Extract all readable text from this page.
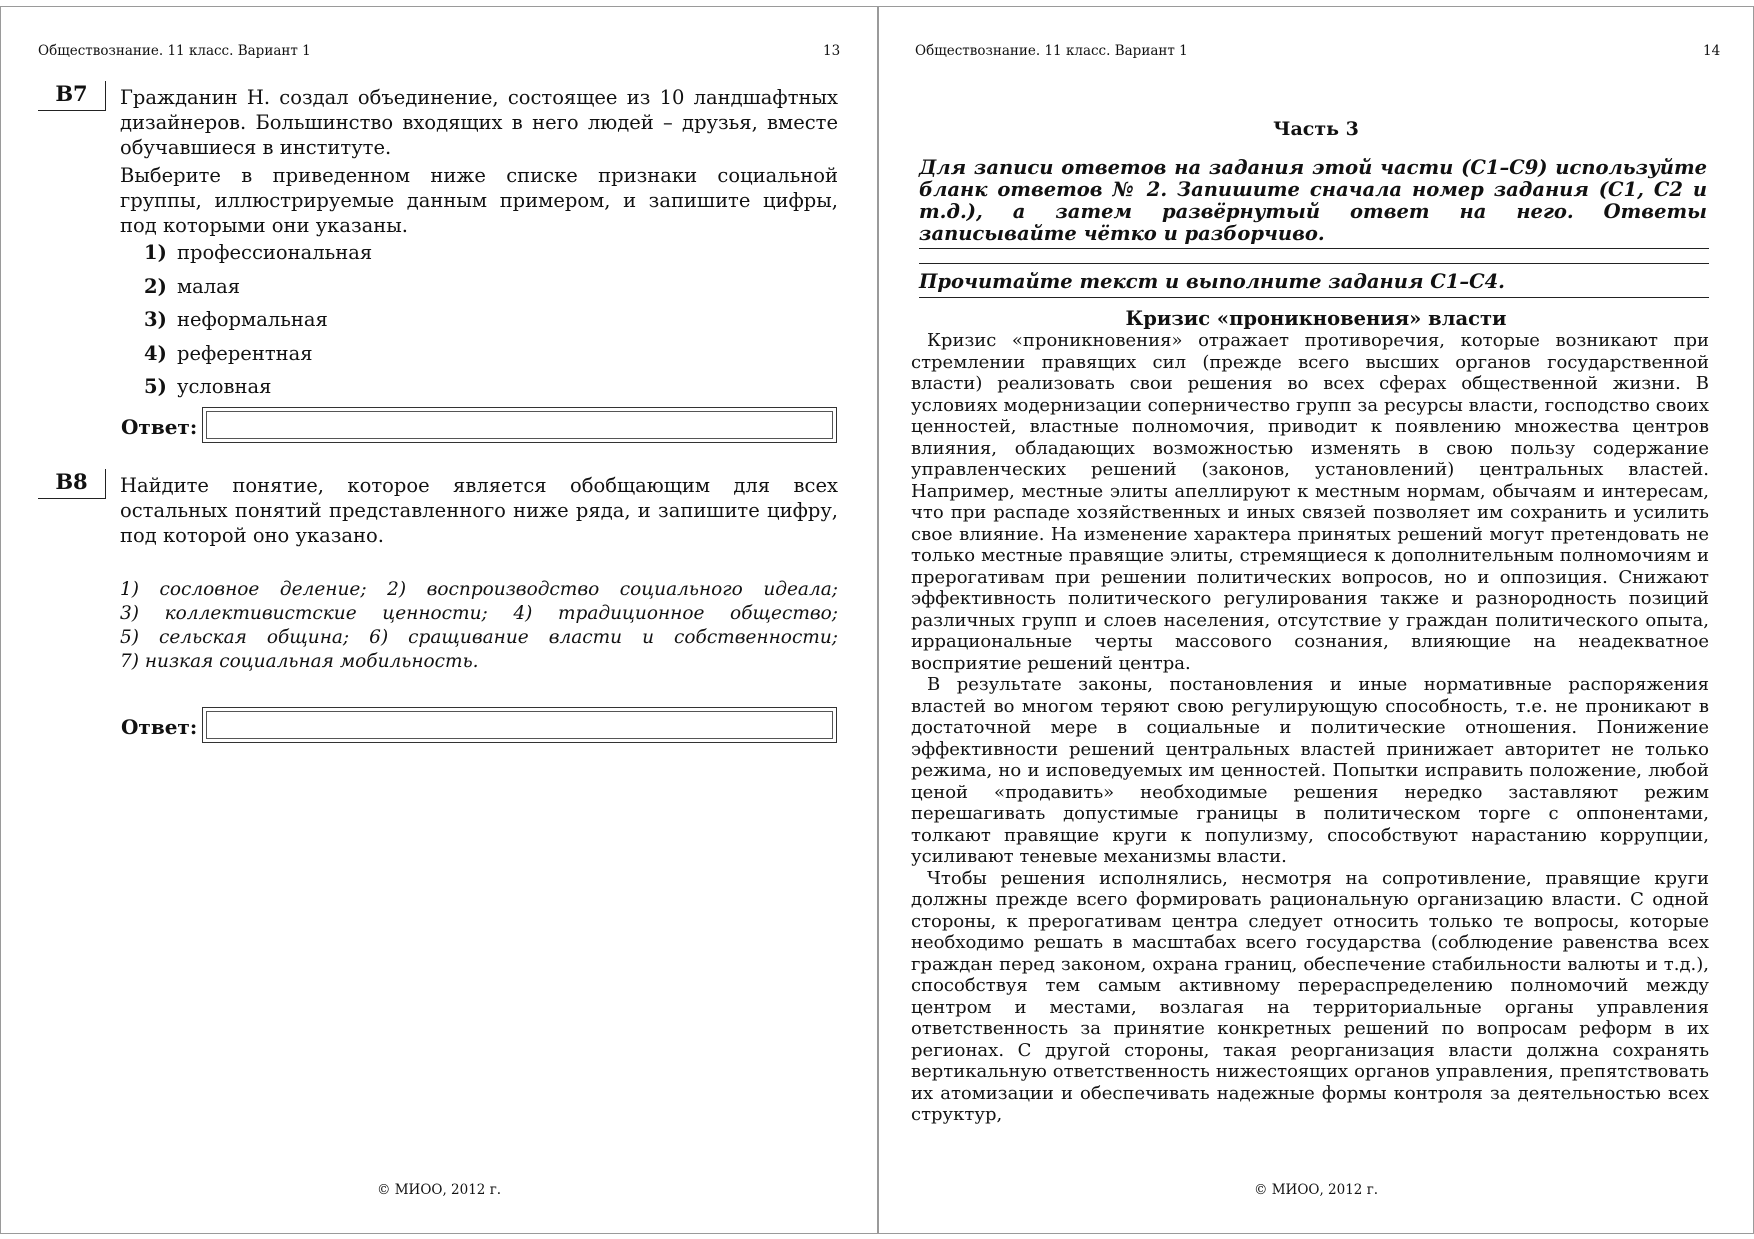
Обществознание. 11 класс. Вариант 1	13
B7	Гражданин Н. создал объединение, состоящее из 10 ландшафтных дизайнеров. Большинство входящих в него людей – друзья, вместе обучавшиеся в институте.

Выберите в приведенном ниже списке признаки социальной группы, иллюстрируемые данным примером, и запишите цифры, под которыми они указаны.

1) профессиональная
2) малая
3) неформальная
4) референтная
5) условная
Ответ:
B8	Найдите понятие, которое является обобщающим для всех остальных понятий представленного ниже ряда, и запишите цифру, под которой оно указано.
1) сословное деление; 2) воспроизводство социального идеала;
3) коллективистские ценности; 4) традиционное общество;
5) сельская община; 6) сращивание власти и собственности;
7) низкая социальная мобильность.
Ответ:
© МИОО, 2012 г.
Обществознание. 11 класс. Вариант 1	14
Часть 3
Для записи ответов на задания этой части (С1–С9) используйте бланк ответов № 2. Запишите сначала номер задания (С1, С2 и т.д.), а затем развёрнутый ответ на него. Ответы записывайте чётко и разборчиво.
Прочитайте текст и выполните задания С1–С4.
Кризис «проникновения» власти

Кризис «проникновения» отражает противоречия, которые возникают при стремлении правящих сил (прежде всего высших органов государственной власти) реализовать свои решения во всех сферах общественной жизни. В условиях модернизации соперничество групп за ресурсы власти, господство своих ценностей, властные полномочия, приводит к появлению множества центров влияния, обладающих возможностью изменять в свою пользу содержание управленческих решений (законов, установлений) центральных властей. Например, местные элиты апеллируют к местным нормам, обычаям и интересам, что при распаде хозяйственных и иных связей позволяет им сохранить и усилить свое влияние. На изменение характера принятых решений могут претендовать не только местные правящие элиты, стремящиеся к дополнительным полномочиям и прерогативам при решении политических вопросов, но и оппозиция. Снижают эффективность политического регулирования также и разнородность позиций различных групп и слоев населения, отсутствие у граждан политического опыта, иррациональные черты массового сознания, влияющие на неадекватное восприятие решений центра.

В результате законы, постановления и иные нормативные распоряжения властей во многом теряют свою регулирующую способность, т.е. не проникают в достаточной мере в социальные и политические отношения. Понижение эффективности решений центральных властей принижает авторитет не только режима, но и исповедуемых им ценностей. Попытки исправить положение, любой ценой «продавить» необходимые решения нередко заставляют режим перешагивать допустимые границы в политическом торге с оппонентами, толкают правящие круги к популизму, способствуют нарастанию коррупции, усиливают теневые механизмы власти.

Чтобы решения исполнялись, несмотря на сопротивление, правящие круги должны прежде всего формировать рациональную организацию власти. С одной стороны, к прерогативам центра следует относить только те вопросы, которые необходимо решать в масштабах всего государства (соблюдение равенства всех граждан перед законом, охрана границ, обеспечение стабильности валюты и т.д.), способствуя тем самым активному перераспределению полномочий между центром и местами, возлагая на территориальные органы управления ответственность за принятие конкретных решений по вопросам реформ в их регионах. С другой стороны, такая реорганизация власти должна сохранять вертикальную ответственность нижестоящих органов управления, препятствовать их атомизации и обеспечивать надежные формы контроля за деятельностью всех структур,

© МИОО, 2012 г.
